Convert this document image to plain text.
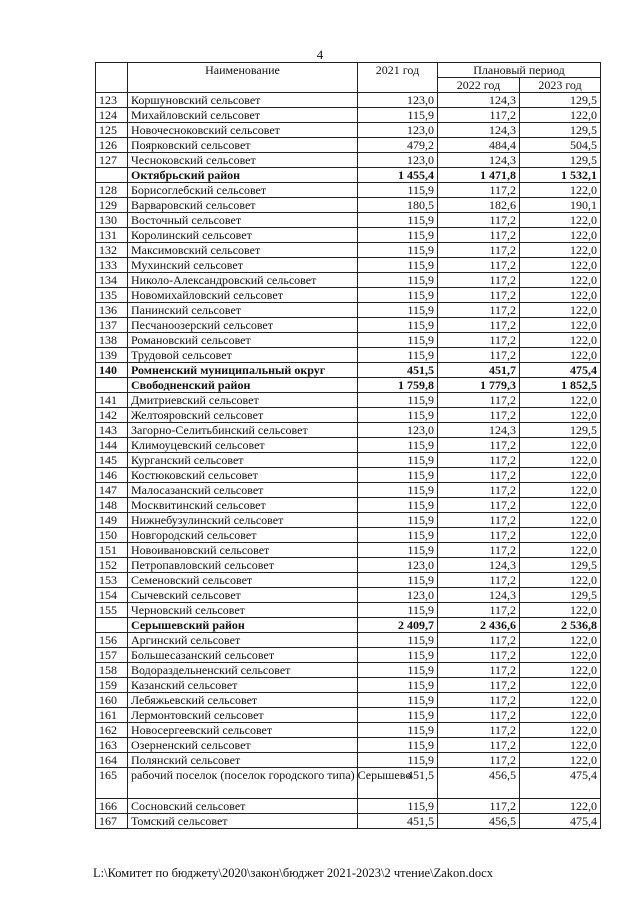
4
	Наименование	2021 год	Плановый период	
			2022 год	2023 год
123	Коршуновский сельсовет	123,0	124,3	129,5
124	Михайловский сельсовет	115,9	117,2	122,0
125	Новочесноковский сельсовет	123,0	124,3	129,5
126	Поярковский сельсовет	479,2	484,4	504,5
127	Чесноковский сельсовет	123,0	124,3	129,5
	Октябрьский район	1 455,4	1 471,8	1 532,1
128	Борисоглебский сельсовет	115,9	117,2	122,0
129	Варваровский сельсовет	180,5	182,6	190,1
130	Восточный сельсовет	115,9	117,2	122,0
131	Королинский сельсовет	115,9	117,2	122,0
132	Максимовский сельсовет	115,9	117,2	122,0
133	Мухинский сельсовет	115,9	117,2	122,0
134	Николо-Александровский сельсовет	115,9	117,2	122,0
135	Новомихайловский сельсовет	115,9	117,2	122,0
136	Панинский сельсовет	115,9	117,2	122,0
137	Песчаноозерский сельсовет	115,9	117,2	122,0
138	Романовский сельсовет	115,9	117,2	122,0
139	Трудовой сельсовет	115,9	117,2	122,0
140	Ромненский муниципальный округ	451,5	451,7	475,4
	Свободненский район	1 759,8	1 779,3	1 852,5
141	Дмитриевский сельсовет	115,9	117,2	122,0
142	Желтояровский сельсовет	115,9	117,2	122,0
143	Загорно-Селитьбинский сельсовет	123,0	124,3	129,5
144	Климоуцевский сельсовет	115,9	117,2	122,0
145	Курганский сельсовет	115,9	117,2	122,0
146	Костюковский сельсовет	115,9	117,2	122,0
147	Малосазанский сельсовет	115,9	117,2	122,0
148	Москвитинский сельсовет	115,9	117,2	122,0
149	Нижнебузулинский сельсовет	115,9	117,2	122,0
150	Новгородский сельсовет	115,9	117,2	122,0
151	Новоивановский сельсовет	115,9	117,2	122,0
152	Петропавловский сельсовет	123,0	124,3	129,5
153	Семеновский сельсовет	115,9	117,2	122,0
154	Сычевский сельсовет	123,0	124,3	129,5
155	Черновский сельсовет	115,9	117,2	122,0
	Серышевский район	2 409,7	2 436,6	2 536,8
156	Аргинский сельсовет	115,9	117,2	122,0
157	Большесазанский сельсовет	115,9	117,2	122,0
158	Водораздельненский сельсовет	115,9	117,2	122,0
159	Казанский сельсовет	115,9	117,2	122,0
160	Лебяжьевский сельсовет	115,9	117,2	122,0
161	Лермонтовский сельсовет	115,9	117,2	122,0
162	Новосергеевский сельсовет	115,9	117,2	122,0
163	Озерненский сельсовет	115,9	117,2	122,0
164	Полянский сельсовет	115,9	117,2	122,0
165	рабочий поселок (поселок городского типа) Серышево	451,5	456,5	475,4
166	Сосновский сельсовет	115,9	117,2	122,0
167	Томский сельсовет	451,5	456,5	475,4
L:\Комитет по бюджету\2020\закон\бюджет 2021-2023\2 чтение\Zakon.docx
